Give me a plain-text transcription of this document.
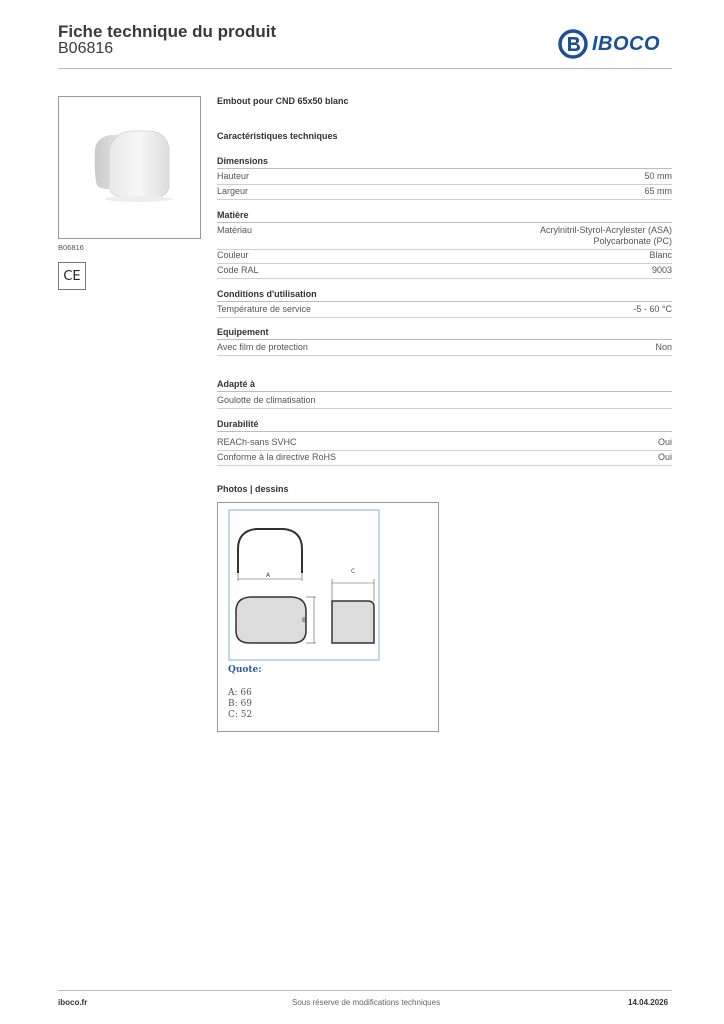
Fiche technique du produit
B06816	IBOCO
B06816
CE
Embout pour CND 65x50 blanc
Caractéristiques techniques
Dimensions
Hauteur	50 mm
Largeur	65 mm
Matière
Matériau	Acrylnitril-Styrol-Acrylester (ASA)
Polycarbonate (PC)
Couleur	Blanc
Code RAL	9003
Conditions d'utilisation
Température de service	-5 - 60 °C
Equipement
Avec film de protection	Non
Adapté à
Goulotte de climatisation
Durabilité
REACh-sans SVHC	Oui
Conforme à la directive RoHS	Oui
Photos | dessins
A
B
C
Quote:
A: 66
B: 69
C: 52
iboco.fr	Sous réserve de modifications techniques	14.04.2026
